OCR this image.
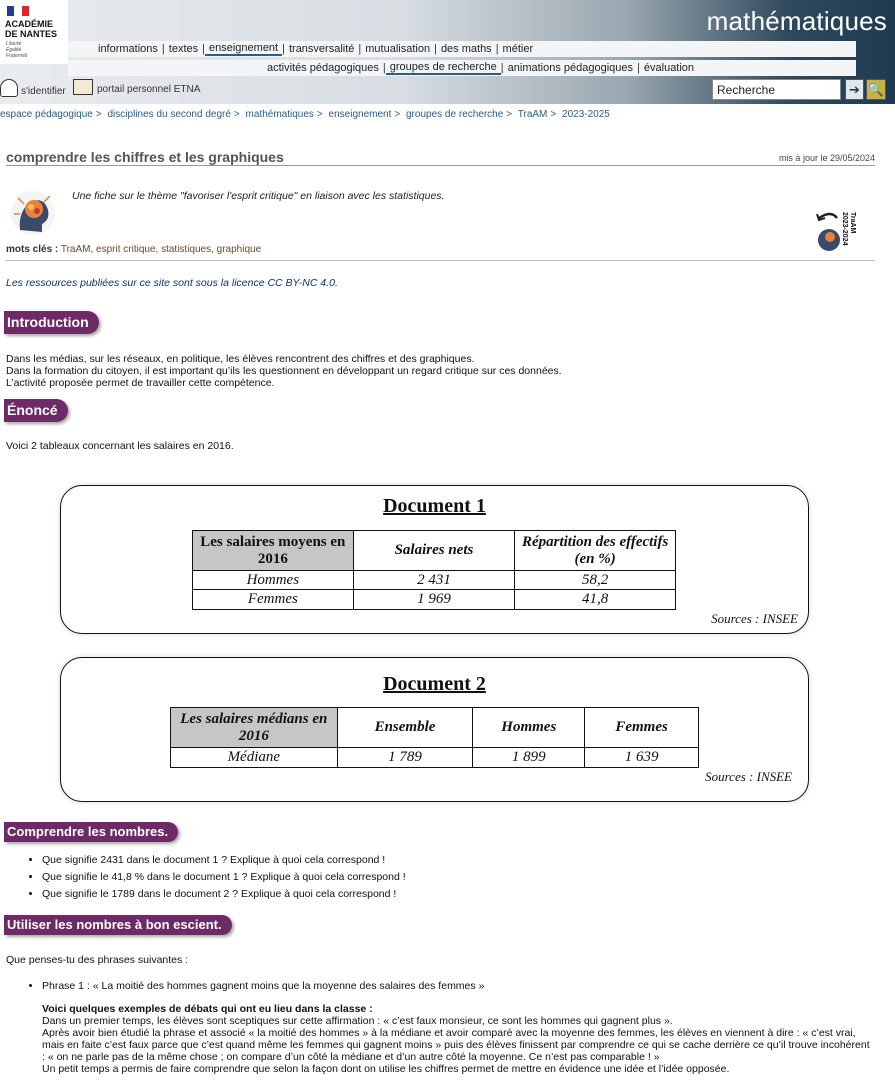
ACADÉMIE
DE NANTES
Liberté
Égalité
Fraternité
mathématiques
informations | textes | enseignement | transversalité | mutualisation | des maths | métier
activités pédagogiques | groupes de recherche | animations pédagogiques | évaluation
s'identifier	portail personnel ETNA
Recherche	➔ 🔍
espace pédagogique > disciplines du second degré > mathématiques > enseignement > groupes de recherche > TraAM > 2023-2025
comprendre les chiffres et les graphiques	mis à jour le 29/05/2024
Une fiche sur le thème "favoriser l'esprit critique" en liaison avec les statistiques.
TraAM
2023-2024
mots clés : TraAM, esprit critique, statistiques, graphique
Les ressources publiées sur ce site sont sous la licence CC BY-NC 4.0.
Introduction
Dans les médias, sur les réseaux, en politique, les élèves rencontrent des chiffres et des graphiques.
Dans la formation du citoyen, il est important qu’ils les questionnent en développant un regard critique sur ces données.
L’activité proposée permet de travailler cette compétence.
Énoncé
Voici 2 tableaux concernant les salaires en 2016.
Document 1
Les salaires moyens en 2016	Salaires nets	Répartition des effectifs (en %)
Hommes	2 431	58,2
Femmes	1 969	41,8
Sources : INSEE
Document 2
Les salaires médians en 2016	Ensemble	Hommes	Femmes
Médiane	1 789	1 899	1 639
Sources : INSEE
Comprendre les nombres.
• Que signifie 2431 dans le document 1 ? Explique à quoi cela correspond !
• Que signifie le 41,8 % dans le document 1 ? Explique à quoi cela correspond !
• Que signifie le 1789 dans le document 2 ? Explique à quoi cela correspond !
Utiliser les nombres à bon escient.
Que penses-tu des phrases suivantes :
• Phrase 1 : « La moitié des hommes gagnent moins que la moyenne des salaires des femmes »
Voici quelques exemples de débats qui ont eu lieu dans la classe :
Dans un premier temps, les élèves sont sceptiques sur cette affirmation : « c’est faux monsieur, ce sont les hommes qui gagnent plus ».
Après avoir bien étudié la phrase et associé « la moitié des hommes » à la médiane et avoir comparé avec la moyenne des femmes, les élèves en viennent à dire : « c’est vrai, mais en faite c’est faux parce que c’est quand même les femmes qui gagnent moins » puis des élèves finissent par comprendre ce qui se cache derrière ce qu’il trouve incohérent : « on ne parle pas de la même chose ; on compare d’un côté la médiane et d’un autre côté la moyenne. Ce n’est pas comparable ! »
Un petit temps a permis de faire comprendre que selon la façon dont on utilise les chiffres permet de mettre en évidence une idée et l’idée opposée.
